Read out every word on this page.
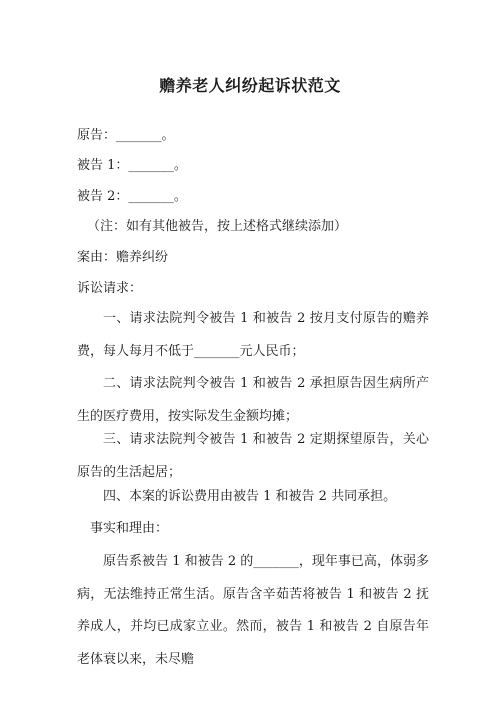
赡养老人纠纷起诉状范文
原告：_______。
被告 1：_______。
被告 2：_______。
（注：如有其他被告，按上述格式继续添加）
案由：赡养纠纷
诉讼请求：
一、请求法院判令被告 1 和被告 2 按月支付原告的赡养费，每人每月不低于_______元人民币；
二、请求法院判令被告 1 和被告 2 承担原告因生病所产生的医疗费用，按实际发生金额均摊；
三、请求法院判令被告 1 和被告 2 定期探望原告，关心原告的生活起居；
四、本案的诉讼费用由被告 1 和被告 2 共同承担。
事实和理由：
原告系被告 1 和被告 2 的_______，现年事已高，体弱多病，无法维持正常生活。原告含辛茹苦将被告 1 和被告 2 抚养成人，并均已成家立业。然而，被告 1 和被告 2 自原告年老体衰以来，未尽赡
